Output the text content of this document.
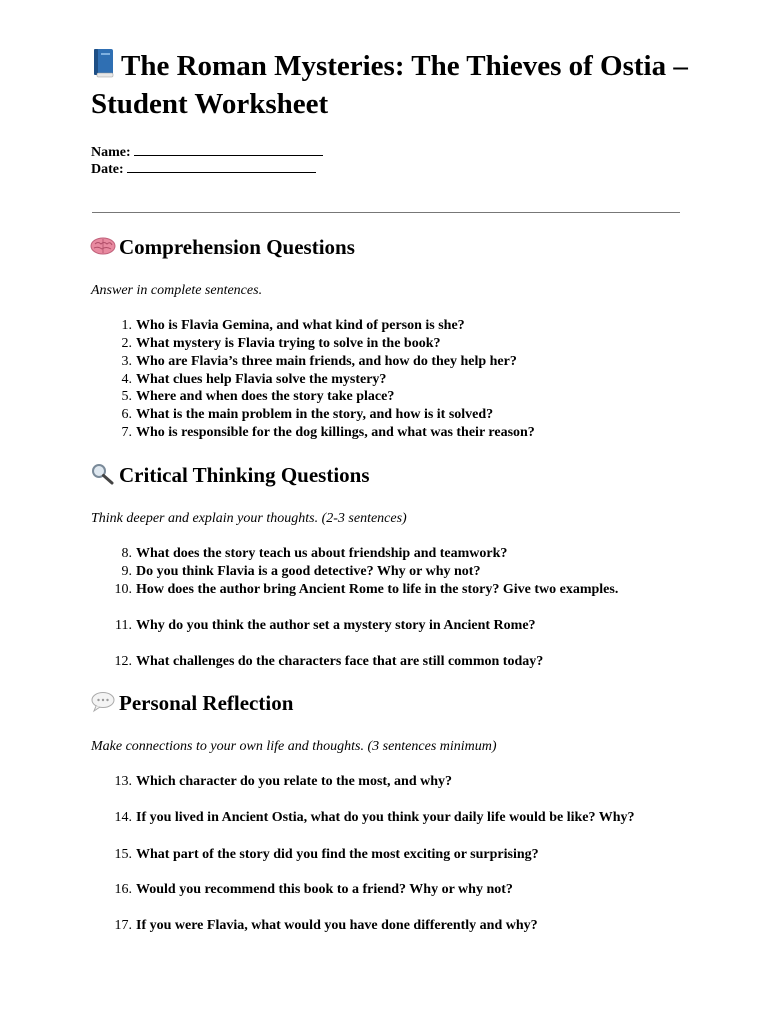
The Roman Mysteries: The Thieves of Ostia – Student Worksheet
Name:
Date:
Comprehension Questions
Answer in complete sentences.
1. Who is Flavia Gemina, and what kind of person is she?
2. What mystery is Flavia trying to solve in the book?
3. Who are Flavia’s three main friends, and how do they help her?
4. What clues help Flavia solve the mystery?
5. Where and when does the story take place?
6. What is the main problem in the story, and how is it solved?
7. Who is responsible for the dog killings, and what was their reason?
Critical Thinking Questions
Think deeper and explain your thoughts. (2-3 sentences)
8. What does the story teach us about friendship and teamwork?
9. Do you think Flavia is a good detective? Why or why not?
10. How does the author bring Ancient Rome to life in the story? Give two examples.
11. Why do you think the author set a mystery story in Ancient Rome?
12. What challenges do the characters face that are still common today?
Personal Reflection
Make connections to your own life and thoughts. (3 sentences minimum)
13. Which character do you relate to the most, and why?
14. If you lived in Ancient Ostia, what do you think your daily life would be like? Why?
15. What part of the story did you find the most exciting or surprising?
16. Would you recommend this book to a friend? Why or why not?
17. If you were Flavia, what would you have done differently and why?
